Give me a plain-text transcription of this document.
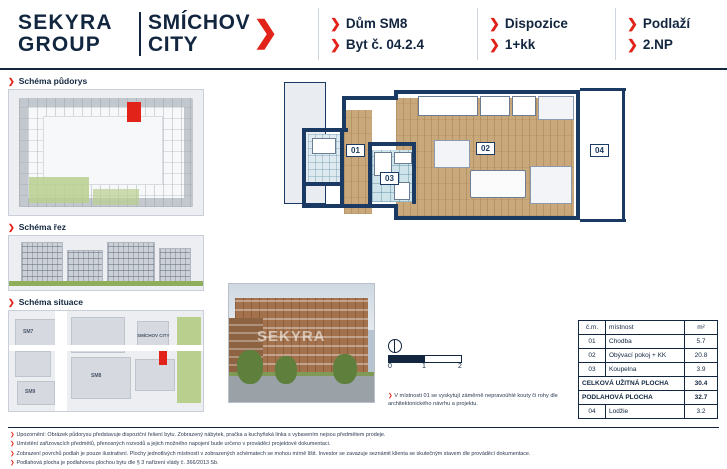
SEKYRA
GROUP
SMÍCHOV
CITY	❯	❯ Dům SM8
❯ Byt č. 04.2.4
❯ Dispozice
❯ 1+kk
❯ Podlaží
❯ 2.NP
❯ Schéma půdorys
❯ Schéma řez
❯ Schéma situace
SM7
SM8
SM9
SMÍCHOV CITY
01	02
03
04
SEKYRA
0	1	2
❯ V místnosti 01 se vyskytují záměrně nepravoúhlé kouty či rohy dle architektonického návrhu a projektu.
č.m.	místnost	m²
01	Chodba	5.7
02	Obývací pokoj + KK	20.8
03	Koupelna	3.9
CELKOVÁ UŽITNÁ PLOCHA		30.4
PODLAHOVÁ PLOCHA		32.7
04	Lodžie	3.2
❯ Upozornění: Obrázek půdorysu představuje dispoziční řešení bytu. Zobrazený nábytek, pračka a kuchyňská linka s vybavením nejsou předmětem prodeje.
❯ Umístění zařizovacích předmětů, přenosných rozvodů a jejich možného napojení bude určeno v prováděcí projektové dokumentaci.
❯ Zobrazení povrchů podlah je pouze ilustrativní. Plochy jednotlivých místností v zobrazených schématech se mohou mírně lišit. Investor se zavazuje seznámit klienta se skutečným stavem dle prováděcí dokumentace.
❯ Podlahová plocha je podlahovou plochou bytu dle § 3 nařízení vlády č. 366/2013 Sb.
